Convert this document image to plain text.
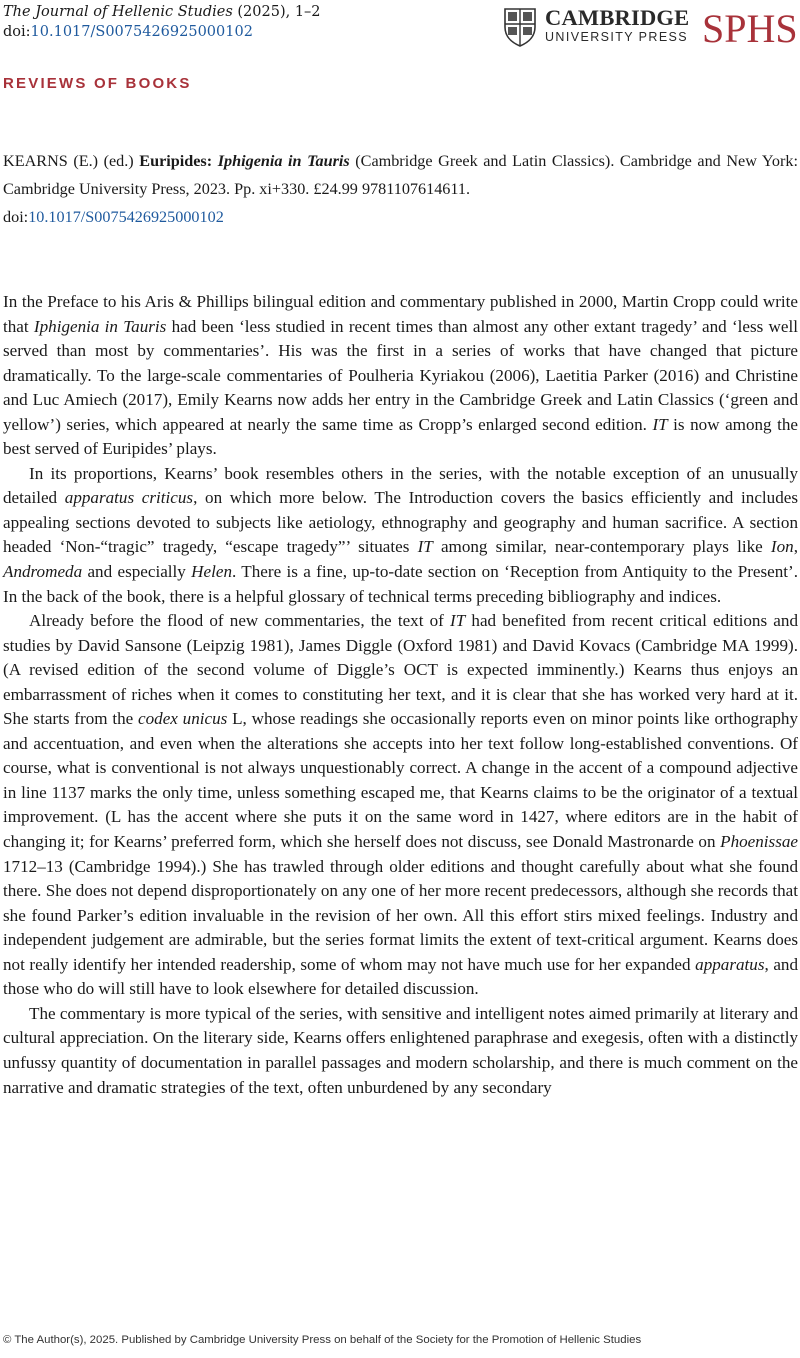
The Journal of Hellenic Studies (2025), 1–2
doi:10.1017/S0075426925000102
CAMBRIDGE
UNIVERSITY PRESS SPHS
REVIEWS OF BOOKS
KEARNS (E.) (ed.) Euripides: Iphigenia in Tauris (Cambridge Greek and Latin Classics). Cambridge and New York: Cambridge University Press, 2023. Pp. xi+330. £24.99 9781107614611.
doi:10.1017/S0075426925000102

In the Preface to his Aris & Phillips bilingual edition and commentary published in 2000, Martin Cropp could write that Iphigenia in Tauris had been ‘less studied in recent times than almost any other extant tragedy’ and ‘less well served than most by commentaries’. His was the first in a series of works that have changed that picture dramatically. To the large-scale commentaries of Poulheria Kyriakou (2006), Laetitia Parker (2016) and Christine and Luc Amiech (2017), Emily Kearns now adds her entry in the Cambridge Greek and Latin Classics (‘green and yellow’) series, which appeared at nearly the same time as Cropp’s enlarged second edition. IT is now among the best served of Euripides’ plays.

In its proportions, Kearns’ book resembles others in the series, with the notable exception of an unusually detailed apparatus criticus, on which more below. The Introduction covers the basics efficiently and includes appealing sections devoted to subjects like aetiology, ethnography and geography and human sacrifice. A section headed ‘Non-“tragic” tragedy, “escape tragedy”’ situates IT among similar, near-contemporary plays like Ion, Andromeda and especially Helen. There is a fine, up-to-date section on ‘Reception from Antiquity to the Present’. In the back of the book, there is a helpful glossary of technical terms preceding bibliography and indices.

Already before the flood of new commentaries, the text of IT had benefited from recent critical editions and studies by David Sansone (Leipzig 1981), James Diggle (Oxford 1981) and David Kovacs (Cambridge MA 1999). (A revised edition of the second volume of Diggle’s OCT is expected imminently.) Kearns thus enjoys an embarrassment of riches when it comes to constituting her text, and it is clear that she has worked very hard at it. She starts from the codex unicus L, whose readings she occasionally reports even on minor points like orthography and accentuation, and even when the alterations she accepts into her text follow long-established conventions. Of course, what is conventional is not always unquestionably correct. A change in the accent of a compound adjective in line 1137 marks the only time, unless something escaped me, that Kearns claims to be the originator of a textual improvement. (L has the accent where she puts it on the same word in 1427, where editors are in the habit of changing it; for Kearns’ preferred form, which she herself does not discuss, see Donald Mastronarde on Phoenissae 1712–13 (Cambridge 1994).) She has trawled through older editions and thought carefully about what she found there. She does not depend disproportionately on any one of her more recent predecessors, although she records that she found Parker’s edition invaluable in the revision of her own. All this effort stirs mixed feelings. Industry and independent judgement are admirable, but the series format limits the extent of text-critical argument. Kearns does not really identify her intended readership, some of whom may not have much use for her expanded apparatus, and those who do will still have to look elsewhere for detailed discussion.

The commentary is more typical of the series, with sensitive and intelligent notes aimed primarily at literary and cultural appreciation. On the literary side, Kearns offers enlightened paraphrase and exegesis, often with a distinctly unfussy quantity of documentation in parallel passages and modern scholarship, and there is much comment on the narrative and dramatic strategies of the text, often unburdened by any secondary

© The Author(s), 2025. Published by Cambridge University Press on behalf of the Society for the Promotion of Hellenic Studies
